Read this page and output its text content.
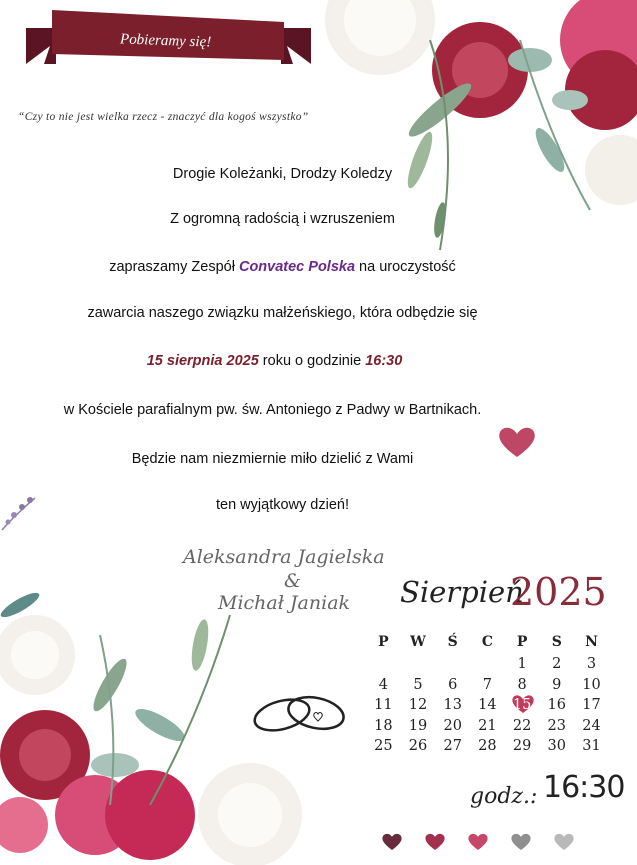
Pobieramy się!
“Czy to nie jest wielka rzecz - znaczyć dla kogoś wszystko”
Drogie Koleżanki, Drodzy Koledzy
Z ogromną radością i wzruszeniem
zapraszamy Zespół Convatec Polska na uroczystość
zawarcia naszego związku małżeńskiego, która odbędzie się
15 sierpnia 2025 roku o godzinie 16:30
w Kościele parafialnym pw. św. Antoniego z Padwy w Bartnikach.
Będzie nam niezmiernie miło dzielić z Wami
ten wyjątkowy dzień!
Aleksandra Jagielska
&
Michał Janiak Sierpień
2025
P	W	Ś	C	P	S	N
				1	2	3
4	5	6	7	8	9	10
11	12	13	14	15	16	17
18	19	20	21	22	23	24
25	26	27	28	29	30	31
godz.: 16:30
